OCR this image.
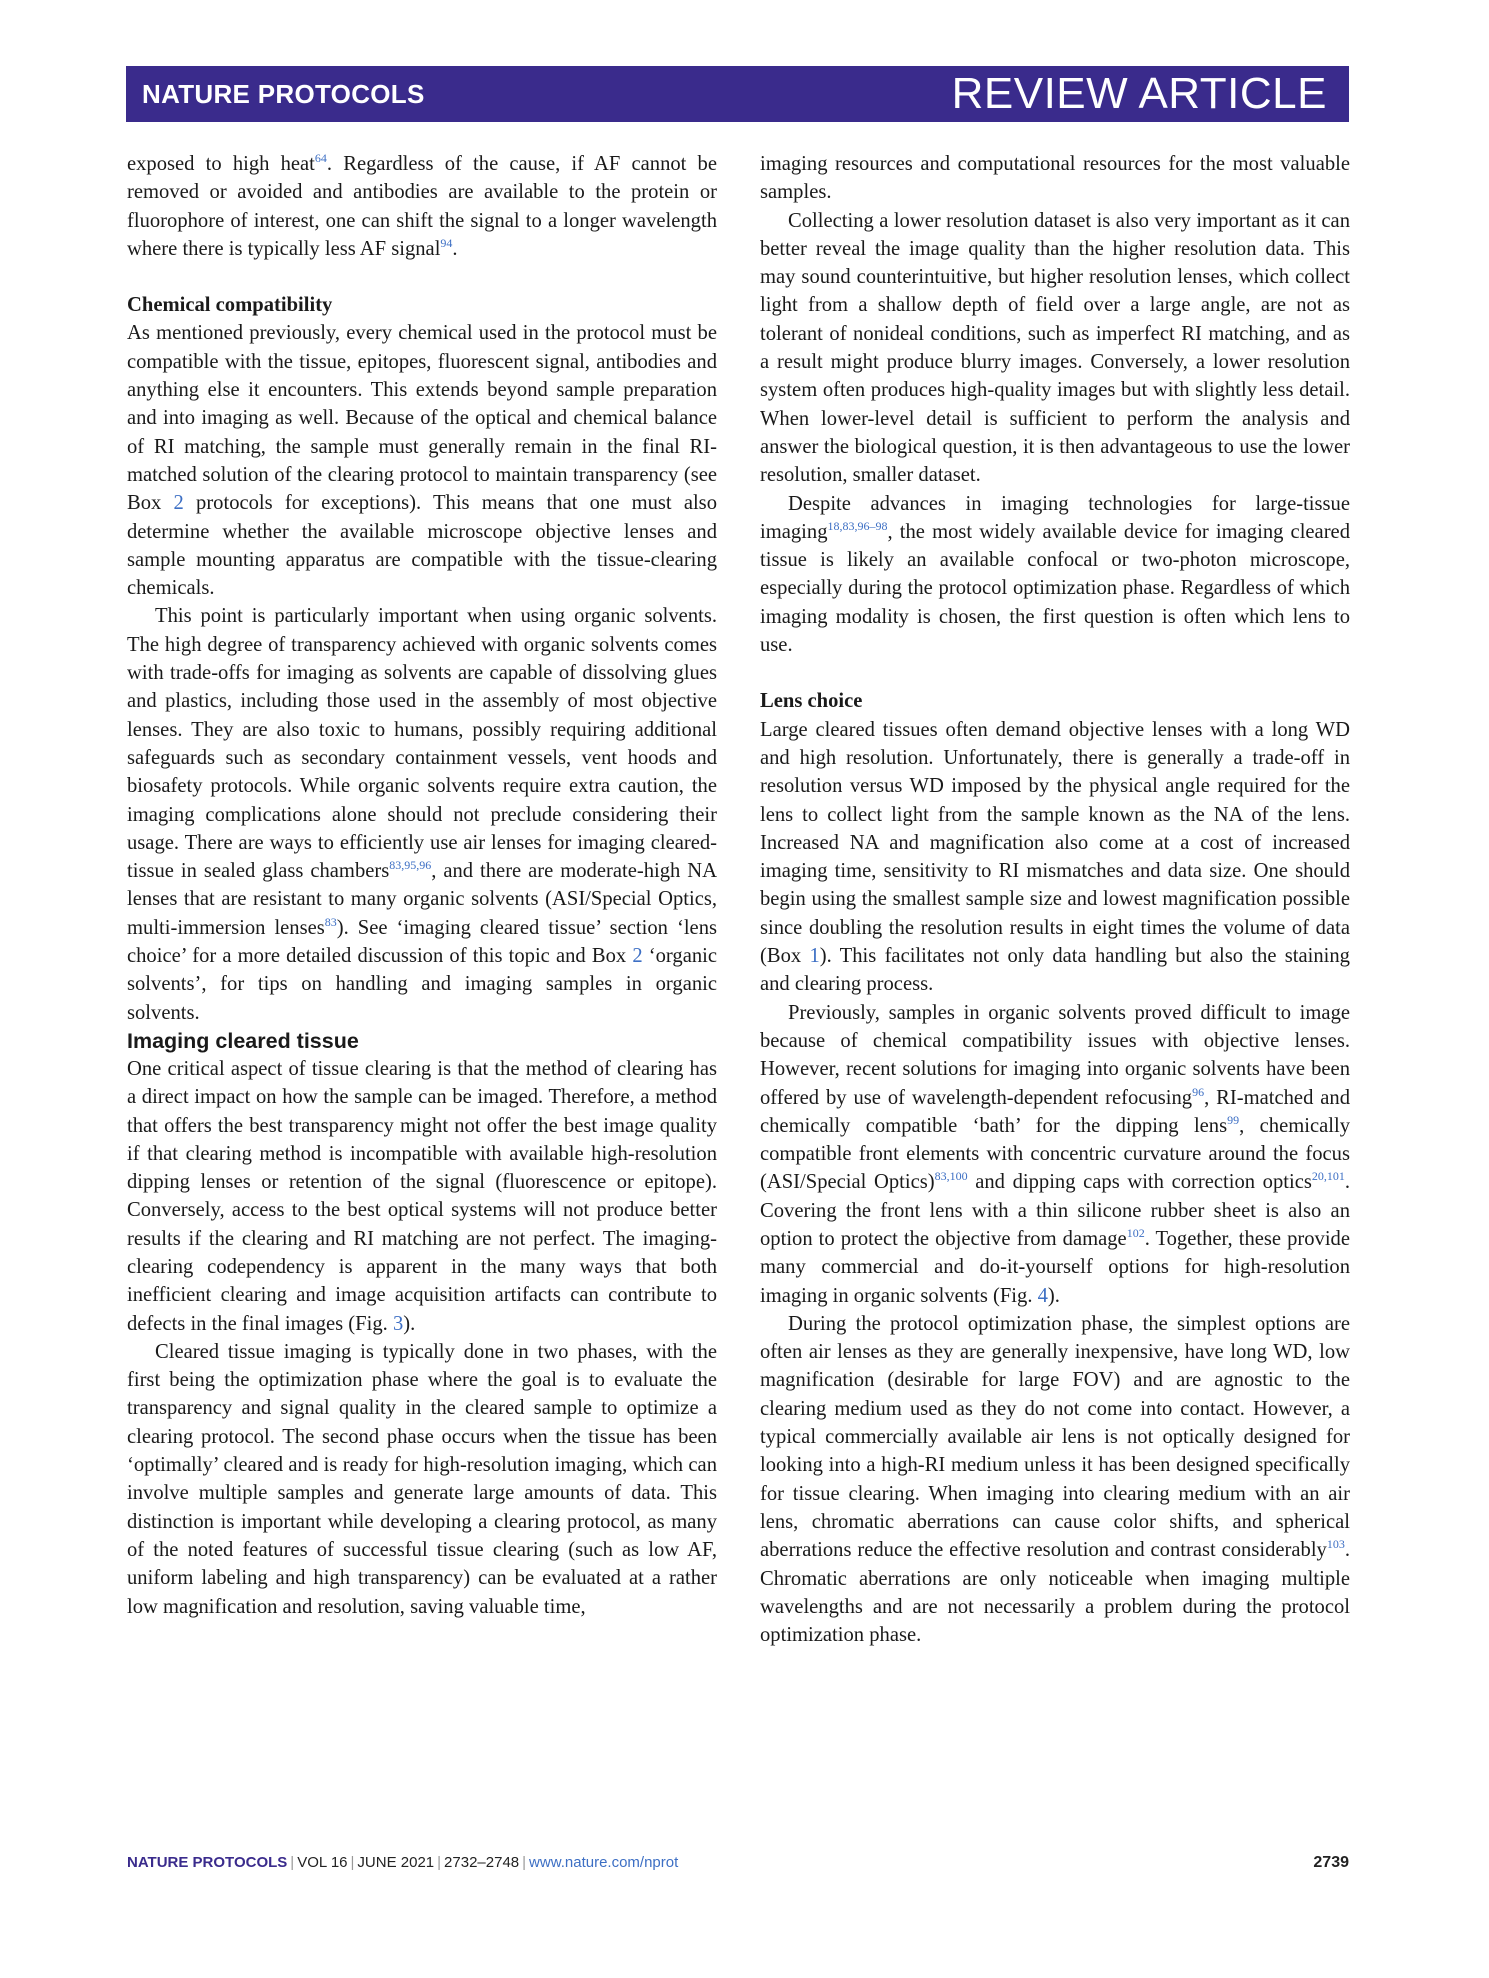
NATURE PROTOCOLS	REVIEW ARTICLE

exposed to high heat$^{64}$. Regardless of the cause, if AF cannot be removed or avoided and antibodies are available to the protein or fluorophore of interest, one can shift the signal to a longer wavelength where there is typically less AF signal$^{94}$.

Chemical compatibility

As mentioned previously, every chemical used in the protocol must be compatible with the tissue, epitopes, fluorescent signal, antibodies and anything else it encounters. This extends beyond sample preparation and into imaging as well. Because of the optical and chemical balance of RI matching, the sample must generally remain in the final RI-matched solution of the clearing protocol to maintain transparency (see Box 2 protocols for exceptions). This means that one must also determine whether the available microscope objective lenses and sample mounting apparatus are compatible with the tissue-clearing chemicals.

This point is particularly important when using organic solvents. The high degree of transparency achieved with organic solvents comes with trade-offs for imaging as solvents are capable of dissolving glues and plastics, including those used in the assembly of most objective lenses. They are also toxic to humans, possibly requiring additional safeguards such as secondary containment vessels, vent hoods and biosafety protocols. While organic solvents require extra caution, the imaging complications alone should not preclude considering their usage. There are ways to efficiently use air lenses for imaging cleared-tissue in sealed glass chambers$^{83,95,96}$, and there are moderate-high NA lenses that are resistant to many organic solvents (ASI/Special Optics, multi-immersion lenses$^{83}$). See ‘imaging cleared tissue’ section ‘lens choice’ for a more detailed discussion of this topic and Box 2 ‘organic solvents’, for tips on handling and imaging samples in organic solvents.

Imaging cleared tissue

One critical aspect of tissue clearing is that the method of clearing has a direct impact on how the sample can be imaged. Therefore, a method that offers the best transparency might not offer the best image quality if that clearing method is incompatible with available high-resolution dipping lenses or retention of the signal (fluorescence or epitope). Conversely, access to the best optical systems will not produce better results if the clearing and RI matching are not perfect. The imaging-clearing codependency is apparent in the many ways that both inefficient clearing and image acquisition artifacts can contribute to defects in the final images (Fig. 3).

Cleared tissue imaging is typically done in two phases, with the first being the optimization phase where the goal is to evaluate the transparency and signal quality in the cleared sample to optimize a clearing protocol. The second phase occurs when the tissue has been ‘optimally’ cleared and is ready for high-resolution imaging, which can involve multiple samples and generate large amounts of data. This distinction is important while developing a clearing protocol, as many of the noted features of successful tissue clearing (such as low AF, uniform labeling and high transparency) can be evaluated at a rather low magnification and resolution, saving valuable time,

imaging resources and computational resources for the most valuable samples.

Collecting a lower resolution dataset is also very important as it can better reveal the image quality than the higher resolution data. This may sound counterintuitive, but higher resolution lenses, which collect light from a shallow depth of field over a large angle, are not as tolerant of nonideal conditions, such as imperfect RI matching, and as a result might produce blurry images. Conversely, a lower resolution system often produces high-quality images but with slightly less detail. When lower-level detail is sufficient to perform the analysis and answer the biological question, it is then advantageous to use the lower resolution, smaller dataset.

Despite advances in imaging technologies for large-tissue imaging$^{18,83,96-98}$, the most widely available device for imaging cleared tissue is likely an available confocal or two-photon microscope, especially during the protocol optimization phase. Regardless of which imaging modality is chosen, the first question is often which lens to use.

Lens choice

Large cleared tissues often demand objective lenses with a long WD and high resolution. Unfortunately, there is generally a trade-off in resolution versus WD imposed by the physical angle required for the lens to collect light from the sample known as the NA of the lens. Increased NA and magnification also come at a cost of increased imaging time, sensitivity to RI mismatches and data size. One should begin using the smallest sample size and lowest magnification possible since doubling the resolution results in eight times the volume of data (Box 1). This facilitates not only data handling but also the staining and clearing process.

Previously, samples in organic solvents proved difficult to image because of chemical compatibility issues with objective lenses. However, recent solutions for imaging into organic solvents have been offered by use of wavelength-dependent refocusing$^{96}$, RI-matched and chemically compatible ‘bath’ for the dipping lens$^{99}$, chemically compatible front elements with concentric curvature around the focus (ASI/Special Optics)$^{83,100}$ and dipping caps with correction optics$^{20,101}$. Covering the front lens with a thin silicone rubber sheet is also an option to protect the objective from damage$^{102}$. Together, these provide many commercial and do-it-yourself options for high-resolution imaging in organic solvents (Fig. 4).

During the protocol optimization phase, the simplest options are often air lenses as they are generally inexpensive, have long WD, low magnification (desirable for large FOV) and are agnostic to the clearing medium used as they do not come into contact. However, a typical commercially available air lens is not optically designed for looking into a high-RI medium unless it has been designed specifically for tissue clearing. When imaging into clearing medium with an air lens, chromatic aberrations can cause color shifts, and spherical aberrations reduce the effective resolution and contrast considerably$^{103}$. Chromatic aberrations are only noticeable when imaging multiple wavelengths and are not necessarily a problem during the protocol optimization phase.

NATURE PROTOCOLS | VOL 16 | JUNE 2021 | 2732–2748 | www.nature.com/nprot	2739
